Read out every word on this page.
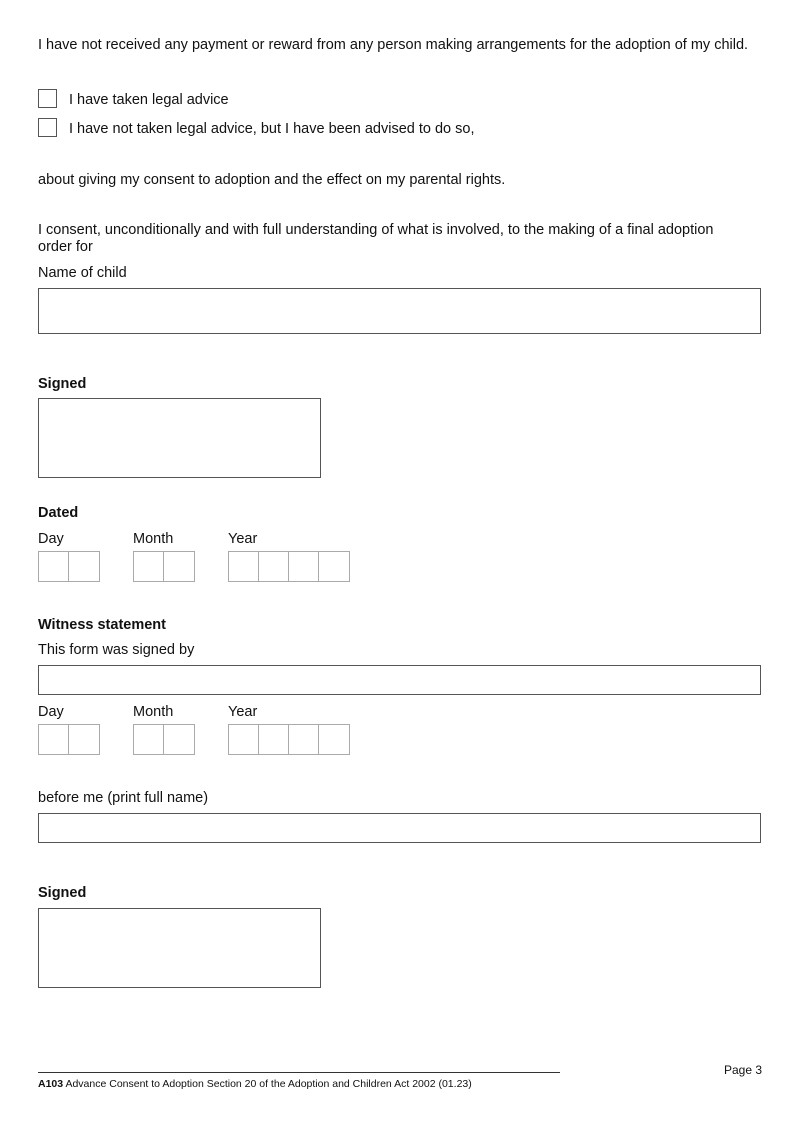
I have not received any payment or reward from any person making arrangements for the adoption of my child.
I have taken legal advice
I have not taken legal advice, but I have been advised to do so,
about giving my consent to adoption and the effect on my parental rights.
I consent, unconditionally and with full understanding of what is involved, to the making of a final adoption
order for
Name of child
Signed
Dated
Day	Month	Year
Witness statement
This form was signed by
Day	Month	Year
before me (print full name)
Signed
Page 3
A103 Advance Consent to Adoption Section 20 of the Adoption and Children Act 2002 (01.23)
